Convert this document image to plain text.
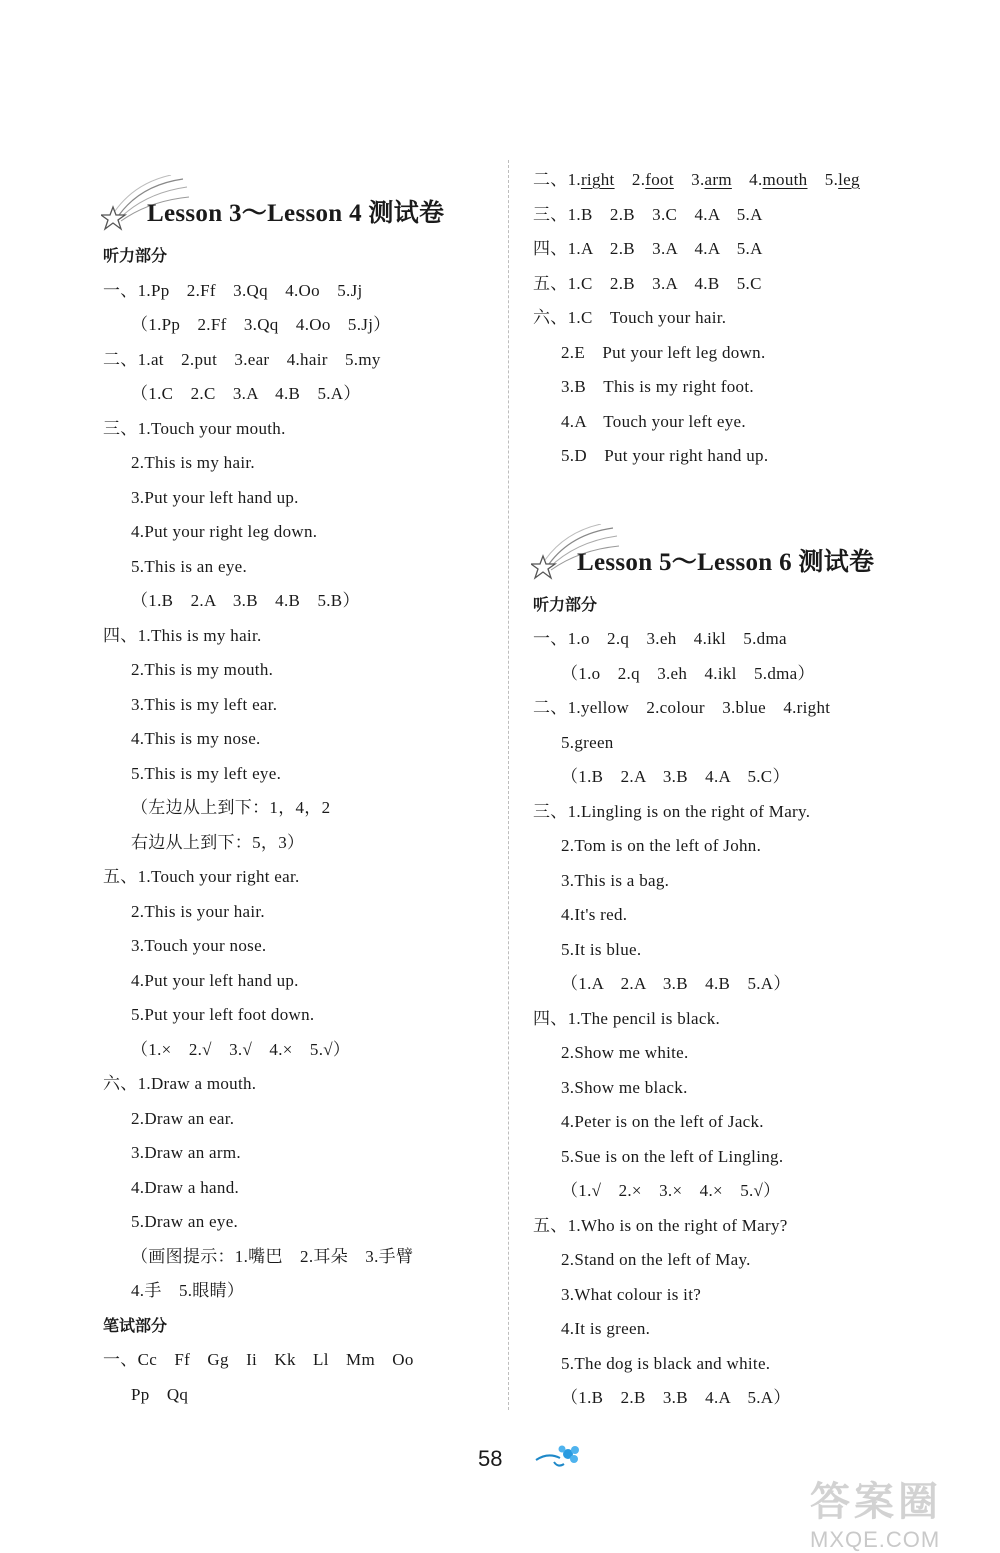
Lesson 3～Lesson 4 测试卷
听力部分
一、1.Pp　2.Ff　3.Qq　4.Oo　5.Jj
（1.Pp　2.Ff　3.Qq　4.Oo　5.Jj）
二、1.at　2.put　3.ear　4.hair　5.my
（1.C　2.C　3.A　4.B　5.A）
三、1.Touch your mouth.
2.This is my hair.
3.Put your left hand up.
4.Put your right leg down.
5.This is an eye.
（1.B　2.A　3.B　4.B　5.B）
四、1.This is my hair.
2.This is my mouth.
3.This is my left ear.
4.This is my nose.
5.This is my left eye.
（左边从上到下：1，4，2
右边从上到下：5，3）
五、1.Touch your right ear.
2.This is your hair.
3.Touch your nose.
4.Put your left hand up.
5.Put your left foot down.
（1.×　2.√　3.√　4.×　5.√）
六、1.Draw a mouth.
2.Draw an ear.
3.Draw an arm.
4.Draw a hand.
5.Draw an eye.
（画图提示：1.嘴巴　2.耳朵　3.手臂
4.手　5.眼睛）
笔试部分
一、Cc　Ff　Gg　Ii　Kk　Ll　Mm　Oo
Pp　Qq
二、1.right　 2.foot　 3.arm　 4.mouth　 5.leg
三、1.B　2.B　3.C　4.A　5.A
四、1.A　2.B　3.A　4.A　5.A
五、1.C　2.B　3.A　4.B　5.C
六、1.C　Touch your hair.
2.E　Put your left leg down.
3.B　This is my right foot.
4.A　Touch your left eye.
5.D　Put your right hand up.
Lesson 5～Lesson 6 测试卷
听力部分
一、1.o　2.q　3.eh　4.ikl　5.dma
（1.o　2.q　3.eh　4.ikl　5.dma）
二、1.yellow　2.colour　3.blue　4.right
5.green
（1.B　2.A　3.B　4.A　5.C）
三、1.Lingling is on the right of Mary.
2.Tom is on the left of John.
3.This is a bag.
4.It's red.
5.It is blue.
（1.A　2.A　3.B　4.B　5.A）
四、1.The pencil is black.
2.Show me white.
3.Show me black.
4.Peter is on the left of Jack.
5.Sue is on the left of Lingling.
（1.√　2.×　3.×　4.×　5.√）
五、1.Who is on the right of Mary?
2.Stand on the left of May.
3.What colour is it?
4.It is green.
5.The dog is black and white.
（1.B　2.B　3.B　4.A　5.A）
58
答案圈
MXQE.COM
